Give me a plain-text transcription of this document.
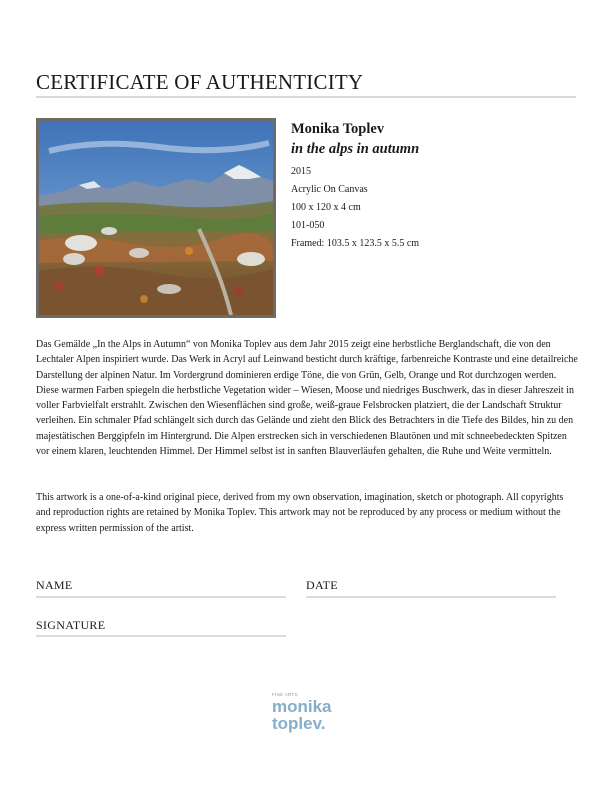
CERTIFICATE OF AUTHENTICITY

Monika Toplev

in the alps in autumn

2015

Acrylic On Canvas

100 x 120 x 4 cm

101-050

Framed: 103.5 x 123.5 x 5.5 cm

Das Gemälde „In the Alps in Autumn“ von Monika Toplev aus dem Jahr 2015 zeigt eine herbstliche Berglandschaft, die von den Lechtaler Alpen inspiriert wurde. Das Werk in Acryl auf Leinwand besticht durch kräftige, farbenreiche Kontraste und eine detailreiche Darstellung der alpinen Natur. Im Vordergrund dominieren erdige Töne, die von Grün, Gelb, Orange und Rot durchzogen werden. Diese warmen Farben spiegeln die herbstliche Vegetation wider – Wiesen, Moose und niedriges Buschwerk, das in dieser Jahreszeit in voller Farbvielfalt erstrahlt. Zwischen den Wiesenflächen sind große, weiß-graue Felsbrocken platziert, die der Landschaft Struktur verleihen. Ein schmaler Pfad schlängelt sich durch das Gelände und zieht den Blick des Betrachters in die Tiefe des Bildes, hin zu den majestätischen Berggipfeln im Hintergrund. Die Alpen erstrecken sich in verschiedenen Blautönen und mit schneebedeckten Spitzen vor einem klaren, leuchtenden Himmel. Der Himmel selbst ist in sanften Blauverläufen gehalten, die Ruhe und Weite vermitteln.

This artwork is a one-of-a-kind original piece, derived from my own observation, imagination, sketch or photograph. All copyrights and reproduction rights are retained by Monika Toplev. This artwork may not be reproduced by any process or medium without the express written permission of the artist.

NAME	DATE
SIGNATURE
FINE ARTS
monika
toplev.
